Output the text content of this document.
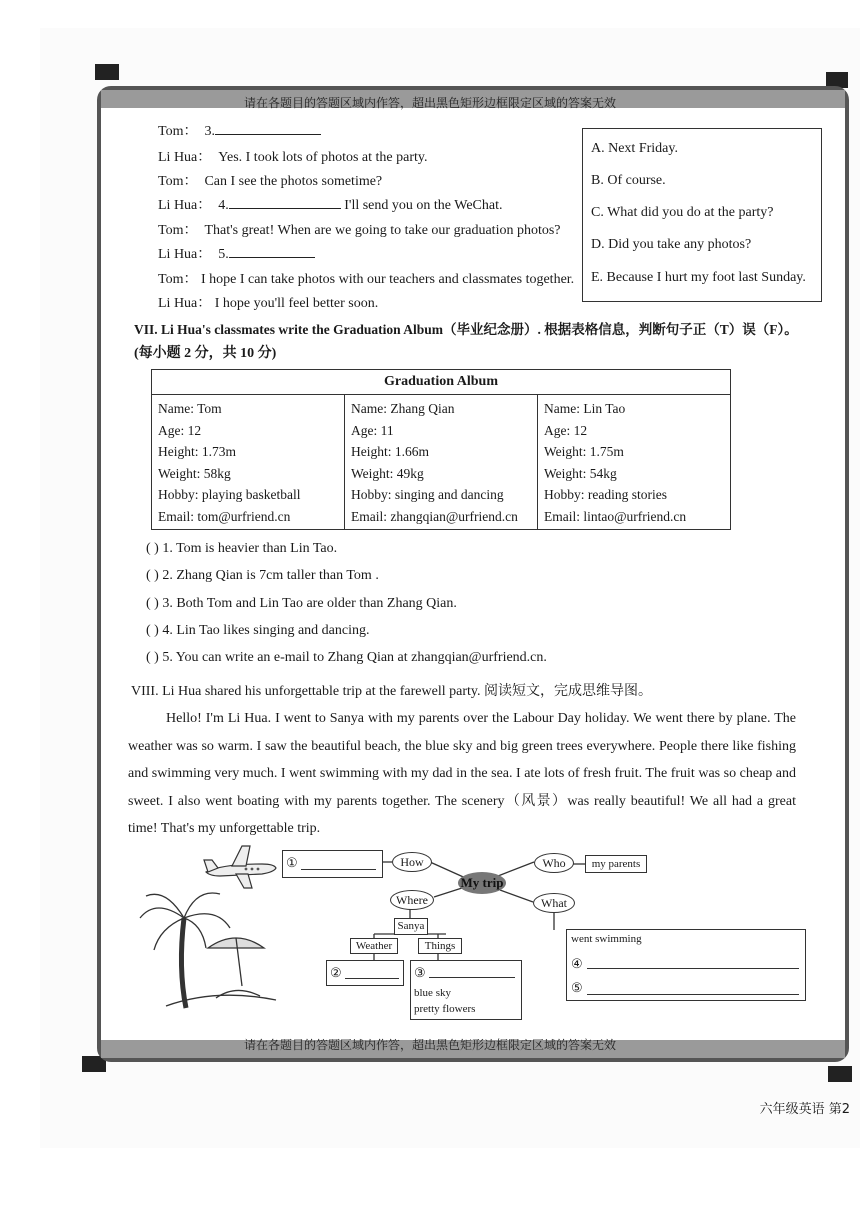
请在各题目的答题区域内作答，超出黑色矩形边框限定区域的答案无效
请在各题目的答题区域内作答，超出黑色矩形边框限定区域的答案无效
Tom： 3.
Li Hua： Yes. I took lots of photos at the party.
Tom： Can I see the photos sometime?
Li Hua： 4.	I'll send you on the WeChat.
Tom： That's great! When are we going to take our graduation photos?
Li Hua： 5.
Tom： I hope I can take photos with our teachers and classmates together.
Li Hua： I hope you'll feel better soon.
A. Next Friday.
B. Of course.
C. What did you do at the party?
D. Did you take any photos?
E. Because I hurt my foot last Sunday.
VII. Li Hua's classmates write the Graduation Album（毕业纪念册）. 根据表格信息，判断句子正（T）误（F）。
(每小题 2 分，共 10 分)
Graduation Album

Name: Tom
Age: 12
Height: 1.73m
Weight: 58kg
Hobby: playing basketball
Email: tom@urfriend.cn

Name: Zhang Qian
Age: 11
Height: 1.66m
Weight: 49kg
Hobby: singing and dancing
Email: zhangqian@urfriend.cn

Name: Lin Tao
Age: 12
Weight: 1.75m
Weight: 54kg
Hobby: reading stories
Email: lintao@urfriend.cn
( ) 1. Tom is heavier than Lin Tao.
( ) 2. Zhang Qian is 7cm taller than Tom .
( ) 3. Both Tom and Lin Tao are older than Zhang Qian.
( ) 4. Lin Tao likes singing and dancing.
( ) 5. You can write an e-mail to Zhang Qian at zhangqian@urfriend.cn.
VIII. Li Hua shared his unforgettable trip at the farewell party. 阅读短文，完成思维导图。

Hello! I'm Li Hua. I went to Sanya with my parents over the Labour Day holiday. We went there by plane. The weather was so warm. I saw the beautiful beach, the blue sky and big green trees everywhere. People there like fishing and swimming very much. I went swimming with my dad in the sea. I ate lots of fresh fruit. The fruit was so cheap and sweet. I also went boating with my parents together. The scenery（风景）was really beautiful! We all had a great time! That's my unforgettable trip.

①	How
My trip
Who	my parents
Where	What
Sanya
Weather	Things
②	③
blue sky
pretty flowers
went swimming
④
⑤
六年级英语 第2
